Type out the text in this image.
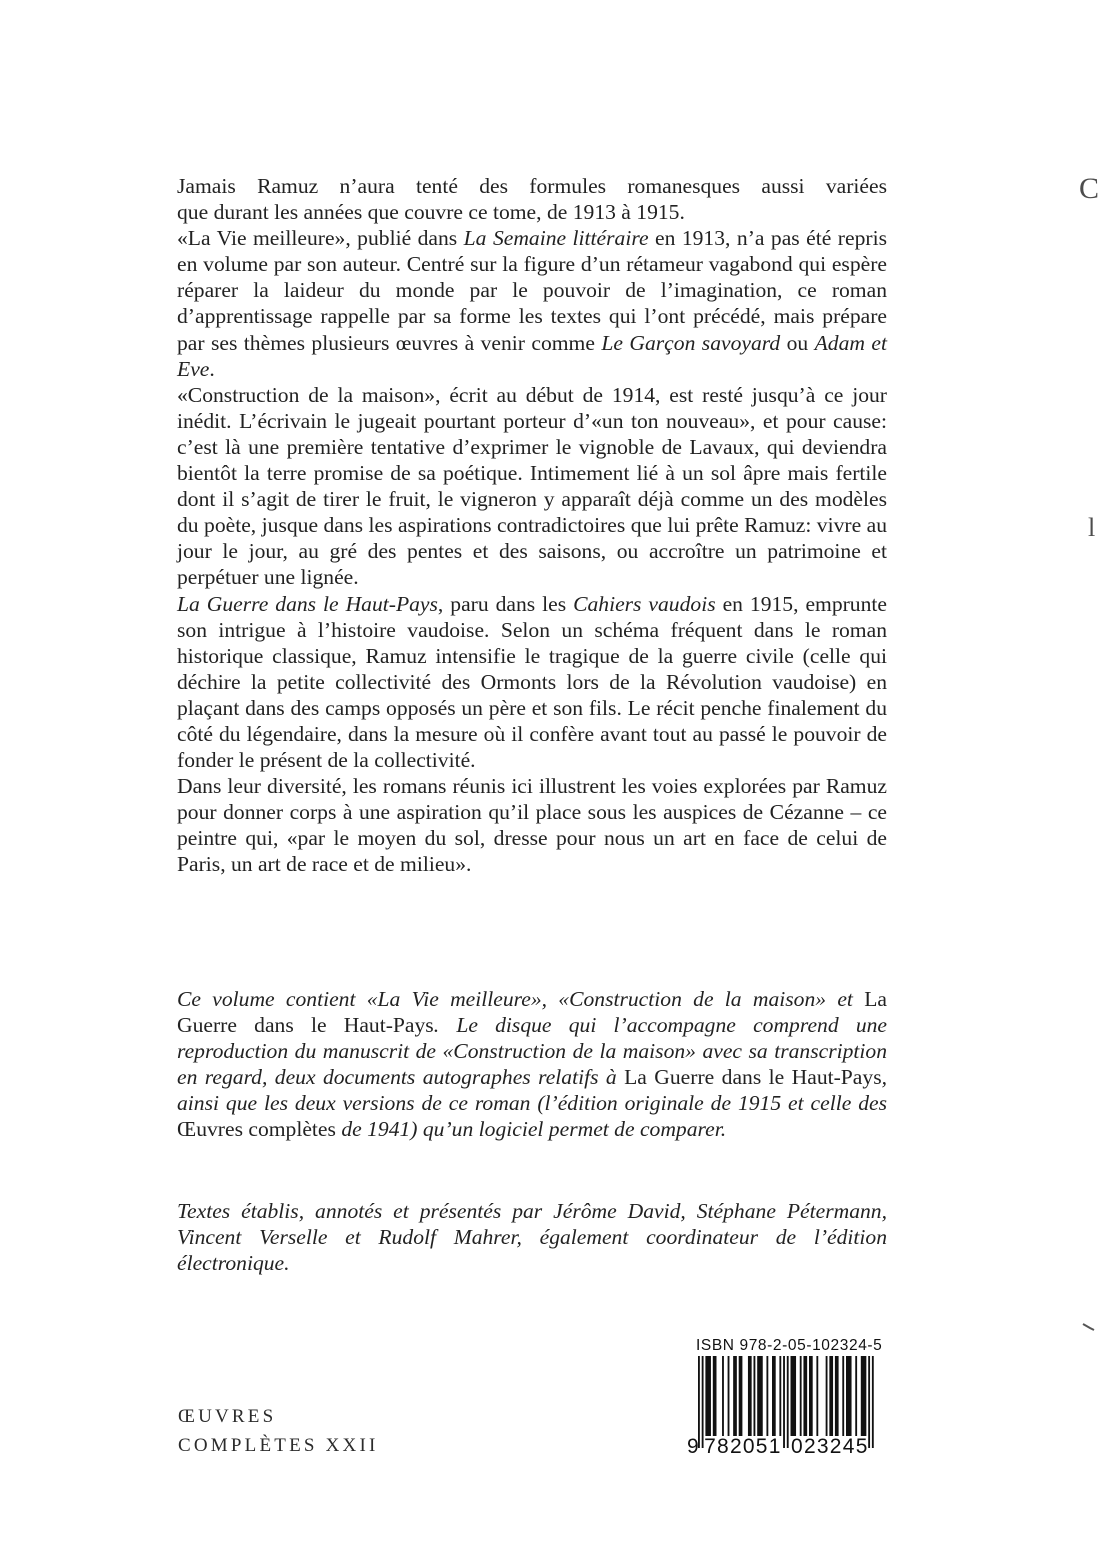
Jamais Ramuz n’aura tenté des formules romanesques aussi variées

que durant les années que couvre ce tome, de 1913 à 1915.

«La Vie meilleure», publié dans La Semaine littéraire en 1913, n’a pas été repris en volume par son auteur. Centré sur la figure d’un rétameur vagabond qui espère réparer la laideur du monde par le pouvoir de l’imagination, ce roman d’apprentissage rappelle par sa forme les textes qui l’ont précédé, mais prépare par ses thèmes plusieurs œuvres à venir comme Le Garçon savoyard ou Adam et Eve.

«Construction de la maison», écrit au début de 1914, est resté jusqu’à ce jour inédit. L’écrivain le jugeait pourtant porteur d’«un ton nouveau», et pour cause: c’est là une première tentative d’exprimer le vignoble de Lavaux, qui deviendra bientôt la terre promise de sa poétique. Intimement lié à un sol âpre mais fertile dont il s’agit de tirer le fruit, le vigneron y apparaît déjà comme un des modèles du poète, jusque dans les aspirations contradictoires que lui prête Ramuz: vivre au jour le jour, au gré des pentes et des saisons, ou accroître un patrimoine et perpétuer une lignée.

La Guerre dans le Haut-Pays, paru dans les Cahiers vaudois en 1915, emprunte son intrigue à l’histoire vaudoise. Selon un schéma fréquent dans le roman historique classique, Ramuz intensifie le tragique de la guerre civile (celle qui déchire la petite collectivité des Ormonts lors de la Révolution vaudoise) en plaçant dans des camps opposés un père et son fils. Le récit penche finalement du côté du légendaire, dans la mesure où il confère avant tout au passé le pouvoir de fonder le présent de la collectivité.

Dans leur diversité, les romans réunis ici illustrent les voies explorées par Ramuz pour donner corps à une aspiration qu’il place sous les auspices de Cézanne – ce peintre qui, «par le moyen du sol, dresse pour nous un art en face de celui de Paris, un art de race et de milieu».

Ce volume contient «La Vie meilleure», «Construction de la maison» et La Guerre dans le Haut-Pays. Le disque qui l’accompagne comprend une reproduction du manuscrit de «Construction de la maison» avec sa transcription en regard, deux documents autographes relatifs à La Guerre dans le Haut-Pays, ainsi que les deux versions de ce roman (l’édition originale de 1915 et celle des Œuvres complètes de 1941) qu’un logiciel permet de comparer.

Textes établis, annotés et présentés par Jérôme David, Stéphane Pétermann, Vincent Verselle et Rudolf Mahrer, également coordinateur de l’édition électronique.

C
l
ŒUVRES
COMPLÈTES XXII
ISBN 978-2-05-102324-5
9 7 8 2 0 5 1 0 2 3 2 4 5
